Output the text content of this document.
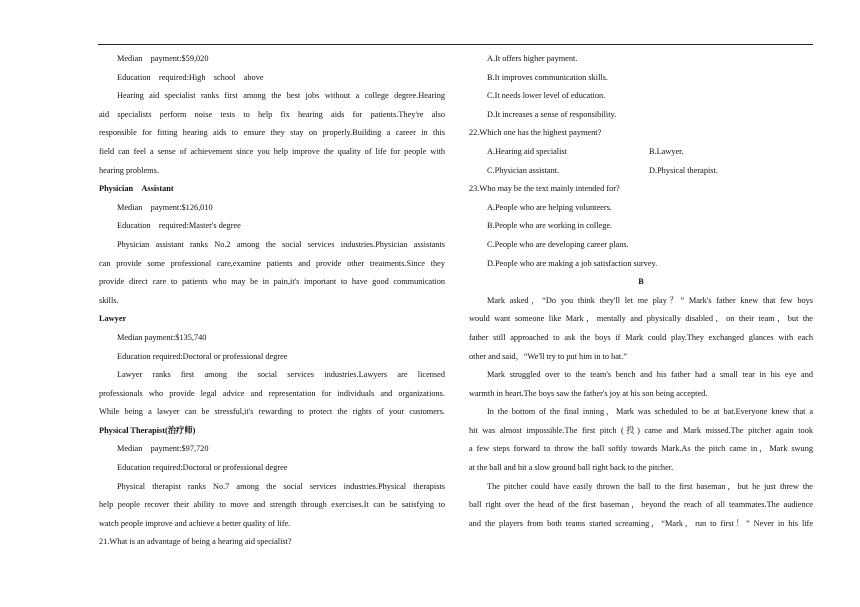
Median　payment:$59,020
Education　required:High　school　above
Hearing aid specialist ranks first among the best jobs without a college degree.Hearing
aid specialists perform noise tests to help fix hearing aids for patients.They're also
responsible for fitting hearing aids to ensure they stay on properly.Building a career in this
field can feel a sense of achievement since you help improve the quality of life for people with
hearing problems.
Physician　Assistant
Median　payment:$126,010
Education　required:Master's degree
Physician assistant ranks No.2 among the social services industries.Physician assistants
can provide some professional care,examine patients and provide other treatments.Since they
provide direct care to patients who may be in pain,it's important to have good communication
skills.
Lawyer
Median payment:$135,740
Education required:Doctoral or professional degree
Lawyer ranks first among the social services industries.Lawyers are licensed
professionals who provide legal advice and representation for individuals and organizations.
While being a lawyer can be stressful,it's rewarding to protect the rights of your customers.
Physical Therapist(治疗师)
Median　payment:$97,720
Education required:Doctoral or professional degree
Physical therapist ranks No.7 among the social services industries.Physical therapists
help people recover their ability to move and strength through exercises.It can be satisfying to
watch people improve and achieve a better quality of life.
21.What is an advantage of being a hearing aid specialist?
A.It offers higher payment.
B.It improves communication skills.
C.It needs lower level of education.
D.It increases a sense of responsibility.
22.Which one has the highest payment?
A.Hearing aid specialist	B.Lawyer.
C.Physician assistant.	D.Physical therapist.
23.Who may be the text mainly intended for?
A.People who are helping volunteers.
B.People who are working in college.
C.People who are developing career plans.
D.People who are making a job satisfaction survey.
B
Mark asked，“Do you think they'll let me play？” Mark's father knew that few boys
would want someone like Mark，mentally and physically disabled，on their team，but the
father still approached to ask the boys if Mark could play.They exchanged glances with each
other and said，“We'll try to put him in to bat.”
Mark struggled over to the team's bench and his father had a small tear in his eye and
warmth in heart.The boys saw the father's joy at his son being accepted.
In the bottom of the final inning，Mark was scheduled to be at bat.Everyone knew that a
hit was almost impossible.The first pitch (投) came and Mark missed.The pitcher again took
a few steps forward to throw the ball softly towards Mark.As the pitch came in，Mark swung
at the ball and hit a slow ground ball right back to the pitcher.
The pitcher could have easily thrown the ball to the first baseman，but he just threw the
ball right over the head of the first baseman，beyond the reach of all teammates.The audience
and the players from both teams started screaming，“Mark，run to first！” Never in his life
